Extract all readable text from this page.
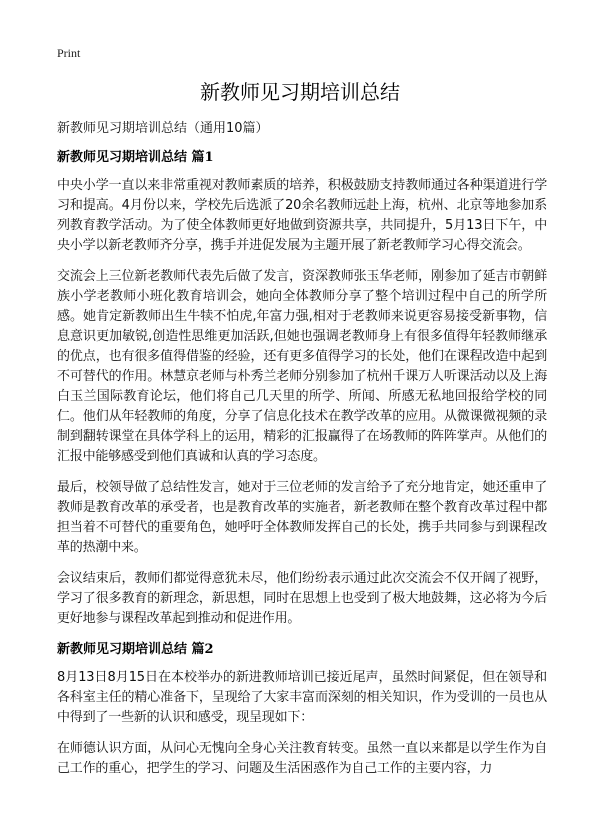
Print
新教师见习期培训总结

新教师见习期培训总结（通用10篇）

新教师见习期培训总结 篇1

中央小学一直以来非常重视对教师素质的培养，积极鼓励支持教师通过各种渠道进行学习和提高。4月份以来，学校先后选派了20余名教师远赴上海，杭州、北京等地参加系列教育教学活动。为了使全体教师更好地做到资源共享，共同提升，5月13日下午，中央小学以新老教师齐分享，携手并进促发展为主题开展了新老教师学习心得交流会。

交流会上三位新老教师代表先后做了发言，资深教师张玉华老师，刚参加了延吉市朝鲜族小学老教师小班化教育培训会，她向全体教师分享了整个培训过程中自己的所学所感。她肯定新教师出生牛犊不怕虎,年富力强,相对于老教师来说更容易接受新事物，信息意识更加敏锐,创造性思维更加活跃,但她也强调老教师身上有很多值得年轻教师继承的优点，也有很多值得借鉴的经验，还有更多值得学习的长处，他们在课程改造中起到不可替代的作用。林慧京老师与朴秀兰老师分别参加了杭州千课万人听课活动以及上海白玉兰国际教育论坛，他们将自己几天里的所学、所闻、所感无私地回报给学校的同仁。他们从年轻教师的角度，分享了信息化技术在教学改革的应用。从微课微视频的录制到翻转课堂在具体学科上的运用，精彩的汇报赢得了在场教师的阵阵掌声。从他们的汇报中能够感受到他们真诚和认真的学习态度。

最后，校领导做了总结性发言，她对于三位老师的发言给予了充分地肯定，她还重申了教师是教育改革的承受者，也是教育改革的实施者，新老教师在整个教育改革过程中都担当着不可替代的重要角色，她呼吁全体教师发挥自己的长处，携手共同参与到课程改革的热潮中来。

会议结束后，教师们都觉得意犹未尽，他们纷纷表示通过此次交流会不仅开阔了视野，学习了很多教育的新理念，新思想，同时在思想上也受到了极大地鼓舞，这必将为今后更好地参与课程改革起到推动和促进作用。

新教师见习期培训总结 篇2

8月13日8月15日在本校举办的新进教师培训已接近尾声，虽然时间紧促，但在领导和各科室主任的精心准备下，呈现给了大家丰富而深刻的相关知识，作为受训的一员也从中得到了一些新的认识和感受，现呈现如下：

在师德认识方面，从问心无愧向全身心关注教育转变。虽然一直以来都是以学生作为自己工作的重心，把学生的学习、问题及生活困惑作为自己工作的主要内容，力
